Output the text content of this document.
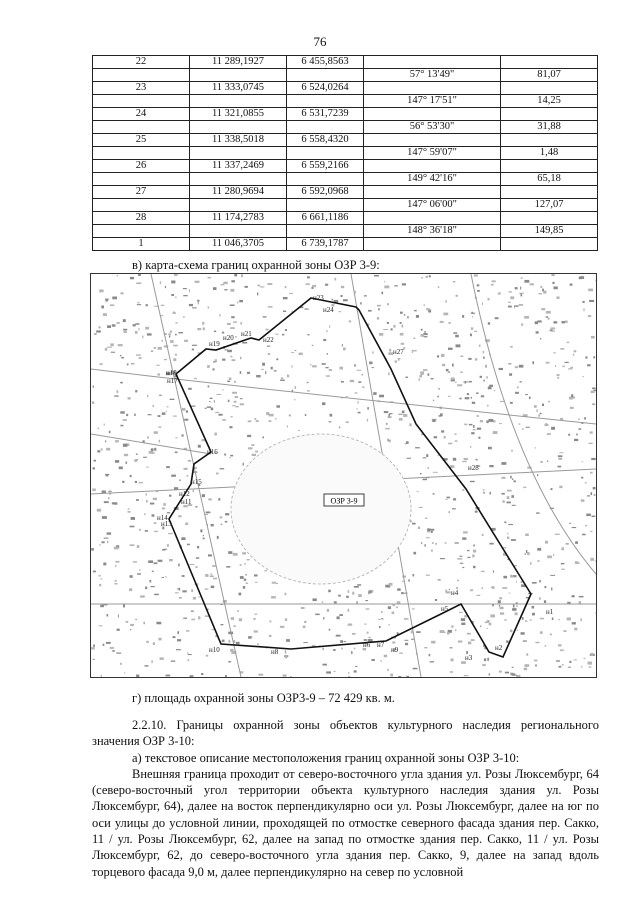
76
22	11 289,1927	6 455,8563		
			57° 13'49"	81,07
23	11 333,0745	6 524,0264		
			147° 17'51"	14,25
24	11 321,0855	6 531,7239		
			56° 53'30"	31,88
25	11 338,5018	6 558,4320		
			147° 59'07"	1,48
26	11 337,2469	6 559,2166		
			149° 42'16"	65,18
27	11 280,9694	6 592,0968		
			147° 06'00"	127,07
28	11 174,2783	6 661,1186		
			148° 36'18"	149,85
1	11 046,3705	6 739,1787		
в) карта-схема границ охранной зоны ОЗР 3-9:
ОЗР 3-9
н23
н24
н22
н21
н20
н19
н18
н17
н27
н16
н28
н15
н14
н13
н12
н11
н1
н5
н4
н10	н9
н8
н7
н6	н2
н3

г) площадь охранной зоны ОЗР3-9 – 72 429 кв. м.

2.2.10. Границы охранной зоны объектов культурного наследия регионального значения ОЗР 3-10:

а) текстовое описание местоположения границ охранной зоны ОЗР 3-10:

Внешняя граница проходит от северо-восточного угла здания ул. Розы Люксембург, 64 (северо-восточный угол территории объекта культурного наследия здания ул. Розы Люксембург, 64), далее на восток перпендикулярно оси ул. Розы Люксембург, далее на юг по оси улицы до условной линии, проходящей по отмостке северного фасада здания пер. Сакко, 11 / ул. Розы Люксембург, 62, далее на запад по отмостке здания пер. Сакко, 11 / ул. Розы Люксембург, 62, до северо-восточного угла здания пер. Сакко, 9, далее на запад вдоль торцевого фасада 9,0 м, далее перпендикулярно на север по условной
